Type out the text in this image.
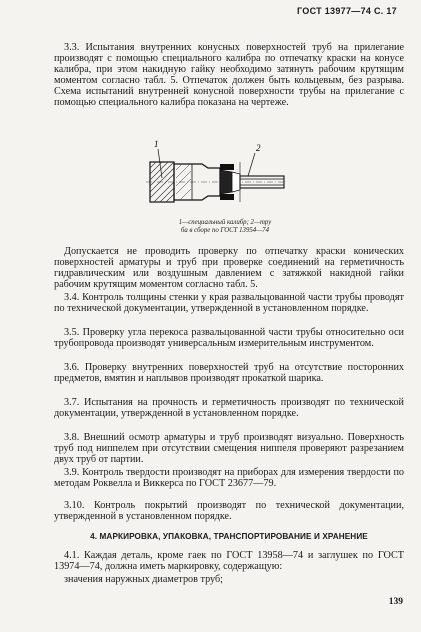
ГОСТ 13977—74 С. 17

3.3. Испытания внутренних конусных поверхностей труб на прилегание производят с помощью специального калибра по отпечатку краски на конусе калибра, при этом накидную гайку необходимо затянуть рабочим крутящим моментом согласно табл. 5. Отпечаток должен быть кольцевым, без разрыва. Схема испытаний внутренней конусной поверхности трубы на прилегание с помощью специального калибра показана на чертеже.

1	2
1—специальный калибр; 2—тру
ба в сборе по ГОСТ 13954—74

Допускается не проводить проверку по отпечатку краски конических поверхностей арматуры и труб при проверке соединений на герметичность гидравлическим или воздушным давлением с затяжкой накидной гайки рабочим крутящим моментом согласно табл. 5.

3.4. Контроль толщины стенки у края развальцованной части трубы проводят по технической документации, утвержденной в установленном порядке.

3.5. Проверку угла перекоса развальцованной части трубы относительно оси трубопровода производят универсальным измерительным инструментом.

3.6. Проверку внутренних поверхностей труб на отсутствие посторонних предметов, вмятин и наплывов производят прокаткой шарика.

3.7. Испытания на прочность и герметичность производят по технической документации, утвержденной в установленном порядке.

3.8. Внешний осмотр арматуры и труб производят визуально. Поверхность труб под ниппелем при отсутствии смещения ниппеля проверяют разрезанием двух труб от партии.

3.9. Контроль твердости производят на приборах для измерения твердости по методам Роквелла и Виккерса по ГОСТ 23677—79.

3.10. Контроль покрытий производят по технической документации, утвержденной в установленном порядке.

4. МАРКИРОВКА, УПАКОВКА, ТРАНСПОРТИРОВАНИЕ И ХРАНЕНИЕ

4.1. Каждая деталь, кроме гаек по ГОСТ 13958—74 и заглушек по ГОСТ 13974—74, должна иметь маркировку, содержащую:

значения наружных диаметров труб;

139
